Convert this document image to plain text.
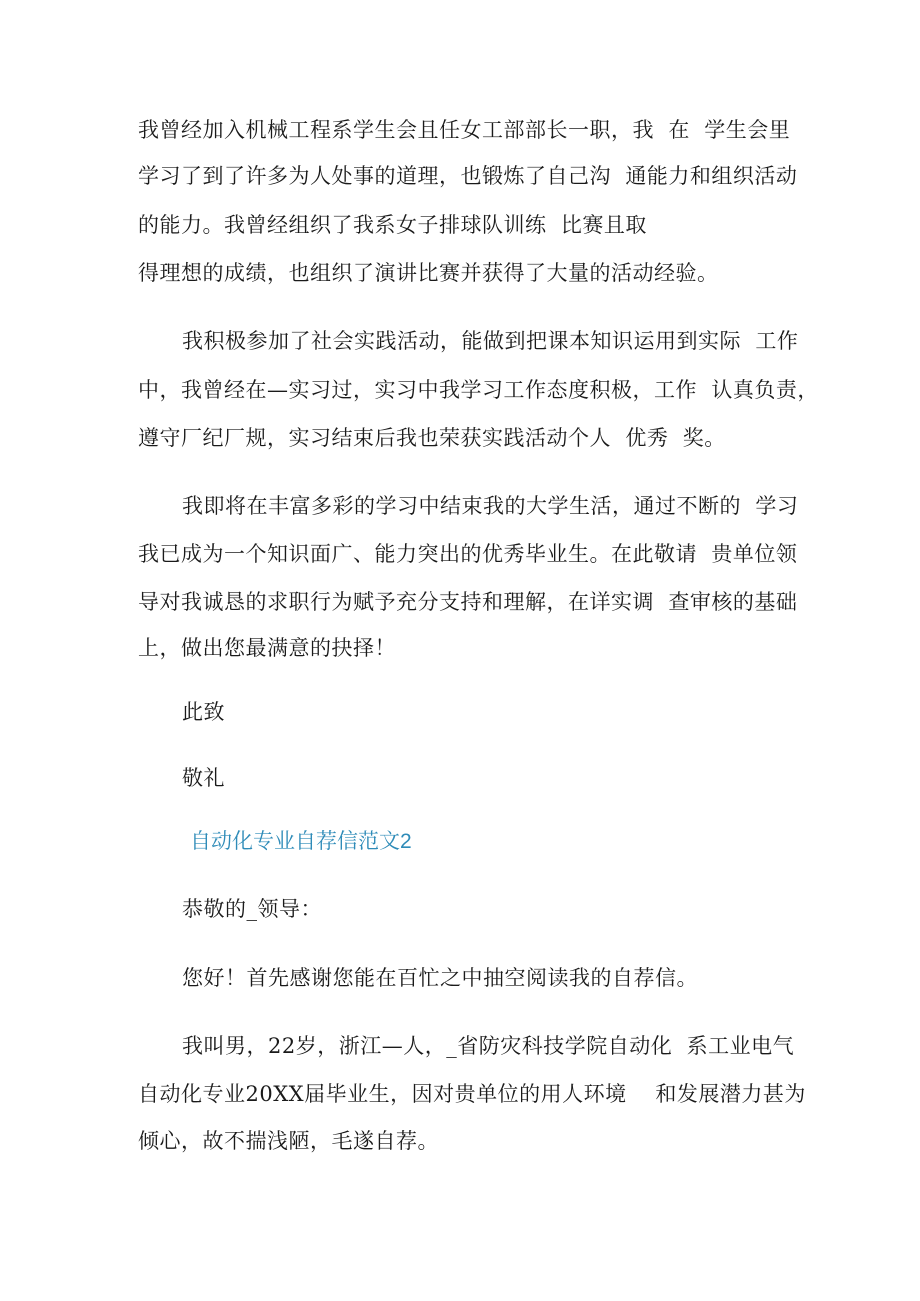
我曾经加入机械工程系学生会且任女工部部长一职，我  在  学生会里
学习了到了许多为人处事的道理，也锻炼了自己沟  通能力和组织活动
的能力。我曾经组织了我系女子排球队训练  比赛且取
得理想的成绩，也组织了演讲比赛并获得了大量的活动经验。
我积极参加了社会实践活动，能做到把课本知识运用到实际  工作
中，我曾经在—实习过，实习中我学习工作态度积极，工作  认真负责，
遵守厂纪厂规，实习结束后我也荣获实践活动个人  优秀  奖。
我即将在丰富多彩的学习中结束我的大学生活，通过不断的  学习
我已成为一个知识面广、能力突出的优秀毕业生。在此敬请  贵单位领
导对我诚恳的求职行为赋予充分支持和理解，在详实调  查审核的基础
上，做出您最满意的抉择！
此致
敬礼
自动化专业自荐信范文2
恭敬的_领导：
您好！首先感谢您能在百忙之中抽空阅读我的自荐信。
我叫男，22岁，浙江—人，_省防灾科技学院自动化  系工业电气
自动化专业20XX届毕业生，因对贵单位的用人环境    和发展潜力甚为
倾心，故不揣浅陋，毛遂自荐。
